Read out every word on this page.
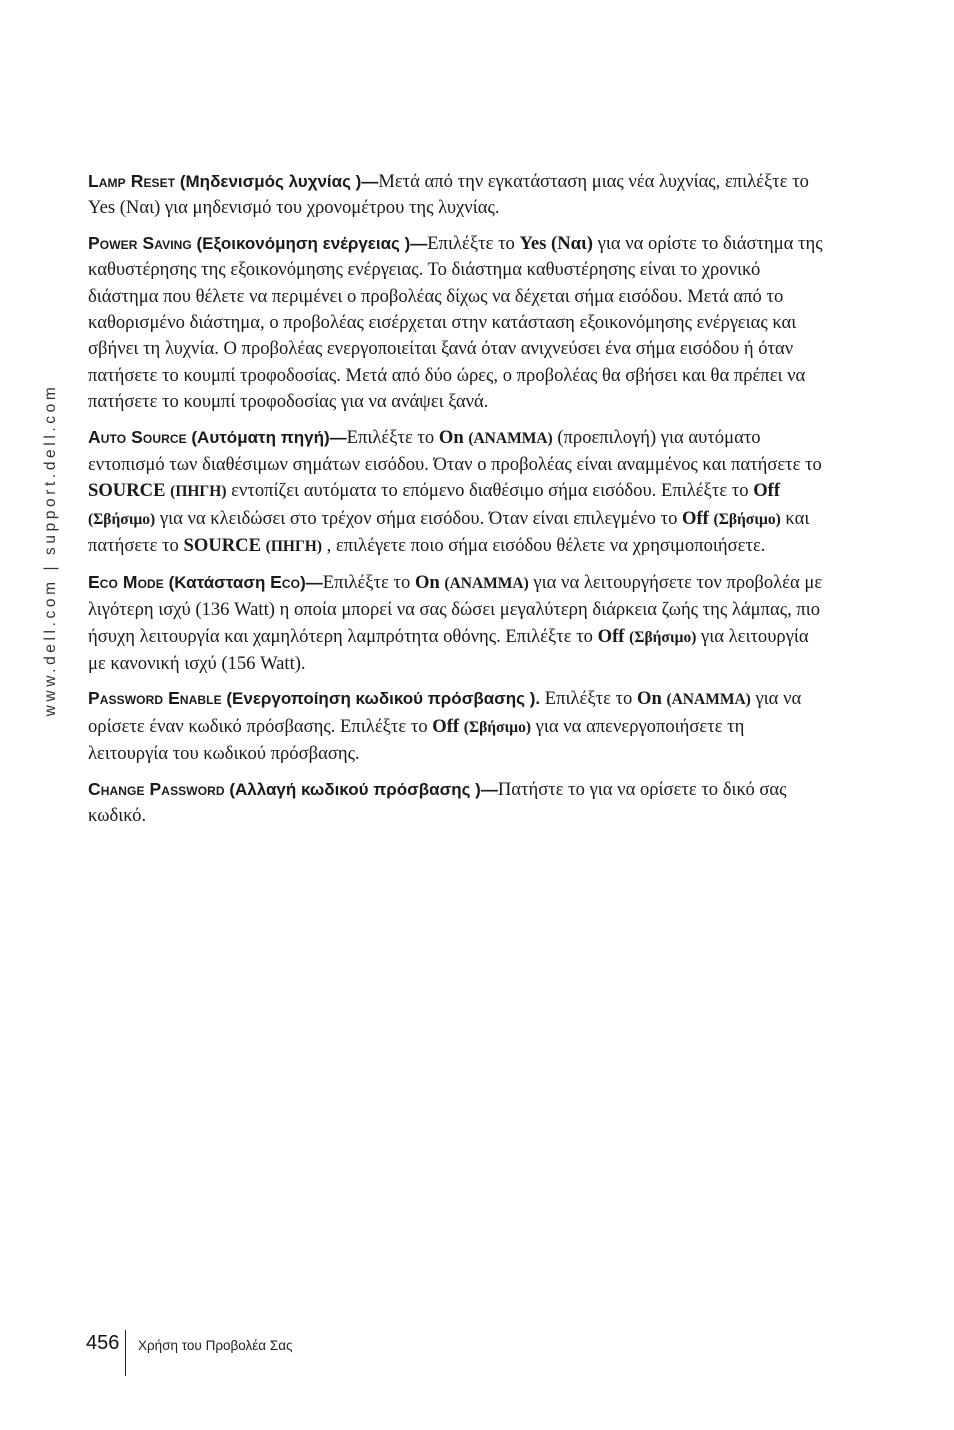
www.dell.com | support.dell.com

Lamp Reset (Μηδενισμός λυχνίας )—Μετά από την εγκατάσταση μιας νέα λυχνίας, επιλέξτε το Yes (Ναι) για μηδενισμό του χρονομέτρου της λυχνίας.

Power Saving (Εξοικονόμηση ενέργειας )—Επιλέξτε το Yes (Ναι) για να ορίστε το διάστημα της καθυστέρησης της εξοικονόμησης ενέργειας. Το διάστημα καθυστέρησης είναι το χρονικό διάστημα που θέλετε να περιμένει ο προβολέας δίχως να δέχεται σήμα εισόδου. Μετά από το καθορισμένο διάστημα, ο προβολέας εισέρχεται στην κατάσταση εξοικονόμησης ενέργειας και σβήνει τη λυχνία. Ο προβολέας ενεργοποιείται ξανά όταν ανιχνεύσει ένα σήμα εισόδου ή όταν πατήσετε το κουμπί τροφοδοσίας. Μετά από δύο ώρες, ο προβολέας θα σβήσει και θα πρέπει να πατήσετε το κουμπί τροφοδοσίας για να ανάψει ξανά.

Auto Source (Αυτόματη πηγή)—Επιλέξτε το On (ANAMMA) (προεπιλογή) για αυτόματο εντοπισμό των διαθέσιμων σημάτων εισόδου. Όταν ο προβολέας είναι αναμμένος και πατήσετε το SOURCE (ΠΗΓΗ) εντοπίζει αυτόματα το επόμενο διαθέσιμο σήμα εισόδου. Επιλέξτε το Off (Σβήσιμο) για να κλειδώσει στο τρέχον σήμα εισόδου. Όταν είναι επιλεγμένο το Off (Σβήσιμο) και πατήσετε το SOURCE (ΠΗΓΗ) , επιλέγετε ποιο σήμα εισόδου θέλετε να χρησιμοποιήσετε.

Eco Mode (Κατάσταση Eco)—Επιλέξτε το On (ANAMMA) για να λειτουργήσετε τον προβολέα με λιγότερη ισχύ (136 Watt) η οποία μπορεί να σας δώσει μεγαλύτερη διάρκεια ζωής της λάμπας, πιο ήσυχη λειτουργία και χαμηλότερη λαμπρότητα οθόνης. Επιλέξτε το Off (Σβήσιμο) για λειτουργία με κανονική ισχύ (156 Watt).

Password Enable (Ενεργοποίηση κωδικού πρόσβασης ). Επιλέξτε το On (ANAMMA) για να ορίσετε έναν κωδικό πρόσβασης. Επιλέξτε το Off (Σβήσιμο) για να απενεργοποιήσετε τη λειτουργία του κωδικού πρόσβασης.

Change Password (Αλλαγή κωδικού πρόσβασης )—Πατήστε το για να ορίσετε το δικό σας κωδικό.

456 Χρήση του Προβολέα Σας
